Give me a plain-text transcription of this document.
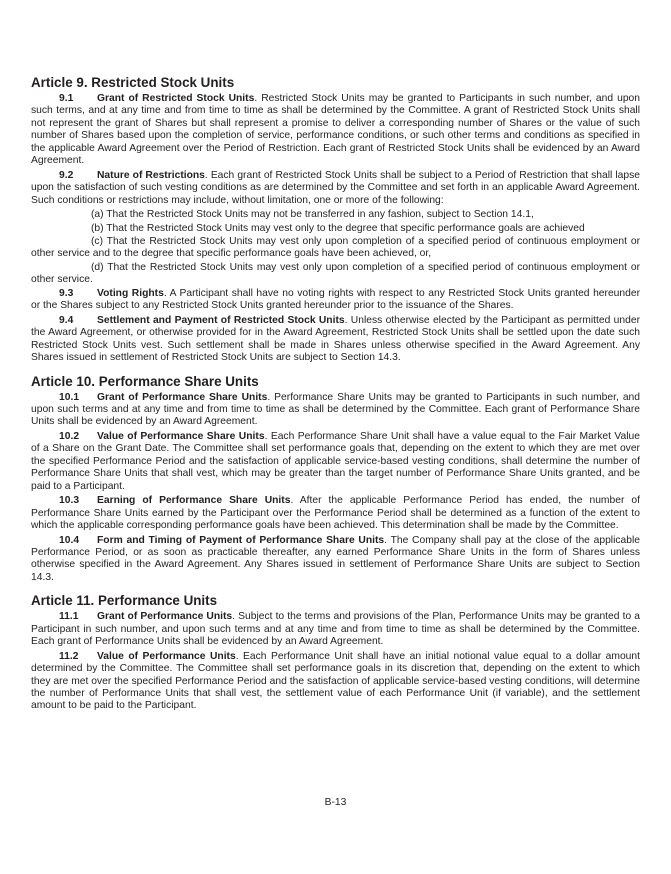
Article 9. Restricted Stock Units

9.1 Grant of Restricted Stock Units. Restricted Stock Units may be granted to Participants in such number, and upon such terms, and at any time and from time to time as shall be determined by the Committee. A grant of Restricted Stock Units shall not represent the grant of Shares but shall represent a promise to deliver a corresponding number of Shares or the value of such number of Shares based upon the completion of service, performance conditions, or such other terms and conditions as specified in the applicable Award Agreement over the Period of Restriction. Each grant of Restricted Stock Units shall be evidenced by an Award Agreement.

9.2 Nature of Restrictions. Each grant of Restricted Stock Units shall be subject to a Period of Restriction that shall lapse upon the satisfaction of such vesting conditions as are determined by the Committee and set forth in an applicable Award Agreement. Such conditions or restrictions may include, without limitation, one or more of the following:

(a) That the Restricted Stock Units may not be transferred in any fashion, subject to Section 14.1,

(b) That the Restricted Stock Units may vest only to the degree that specific performance goals are achieved

(c) That the Restricted Stock Units may vest only upon completion of a specified period of continuous employment or other service and to the degree that specific performance goals have been achieved, or,

(d) That the Restricted Stock Units may vest only upon completion of a specified period of continuous employment or other service.

9.3 Voting Rights. A Participant shall have no voting rights with respect to any Restricted Stock Units granted hereunder or the Shares subject to any Restricted Stock Units granted hereunder prior to the issuance of the Shares.

9.4 Settlement and Payment of Restricted Stock Units. Unless otherwise elected by the Participant as permitted under the Award Agreement, or otherwise provided for in the Award Agreement, Restricted Stock Units shall be settled upon the date such Restricted Stock Units vest. Such settlement shall be made in Shares unless otherwise specified in the Award Agreement. Any Shares issued in settlement of Restricted Stock Units are subject to Section 14.3.

Article 10. Performance Share Units

10.1 Grant of Performance Share Units. Performance Share Units may be granted to Participants in such number, and upon such terms and at any time and from time to time as shall be determined by the Committee. Each grant of Performance Share Units shall be evidenced by an Award Agreement.

10.2 Value of Performance Share Units. Each Performance Share Unit shall have a value equal to the Fair Market Value of a Share on the Grant Date. The Committee shall set performance goals that, depending on the extent to which they are met over the specified Performance Period and the satisfaction of applicable service-based vesting conditions, shall determine the number of Performance Share Units that shall vest, which may be greater than the target number of Performance Share Units granted, and be paid to a Participant.

10.3 Earning of Performance Share Units. After the applicable Performance Period has ended, the number of Performance Share Units earned by the Participant over the Performance Period shall be determined as a function of the extent to which the applicable corresponding performance goals have been achieved. This determination shall be made by the Committee.

10.4 Form and Timing of Payment of Performance Share Units. The Company shall pay at the close of the applicable Performance Period, or as soon as practicable thereafter, any earned Performance Share Units in the form of Shares unless otherwise specified in the Award Agreement. Any Shares issued in settlement of Performance Share Units are subject to Section 14.3.

Article 11. Performance Units

11.1 Grant of Performance Units. Subject to the terms and provisions of the Plan, Performance Units may be granted to a Participant in such number, and upon such terms and at any time and from time to time as shall be determined by the Committee. Each grant of Performance Units shall be evidenced by an Award Agreement.

11.2 Value of Performance Units. Each Performance Unit shall have an initial notional value equal to a dollar amount determined by the Committee. The Committee shall set performance goals in its discretion that, depending on the extent to which they are met over the specified Performance Period and the satisfaction of applicable service-based vesting conditions, will determine the number of Performance Units that shall vest, the settlement value of each Performance Unit (if variable), and the settlement amount to be paid to the Participant.

B-13
